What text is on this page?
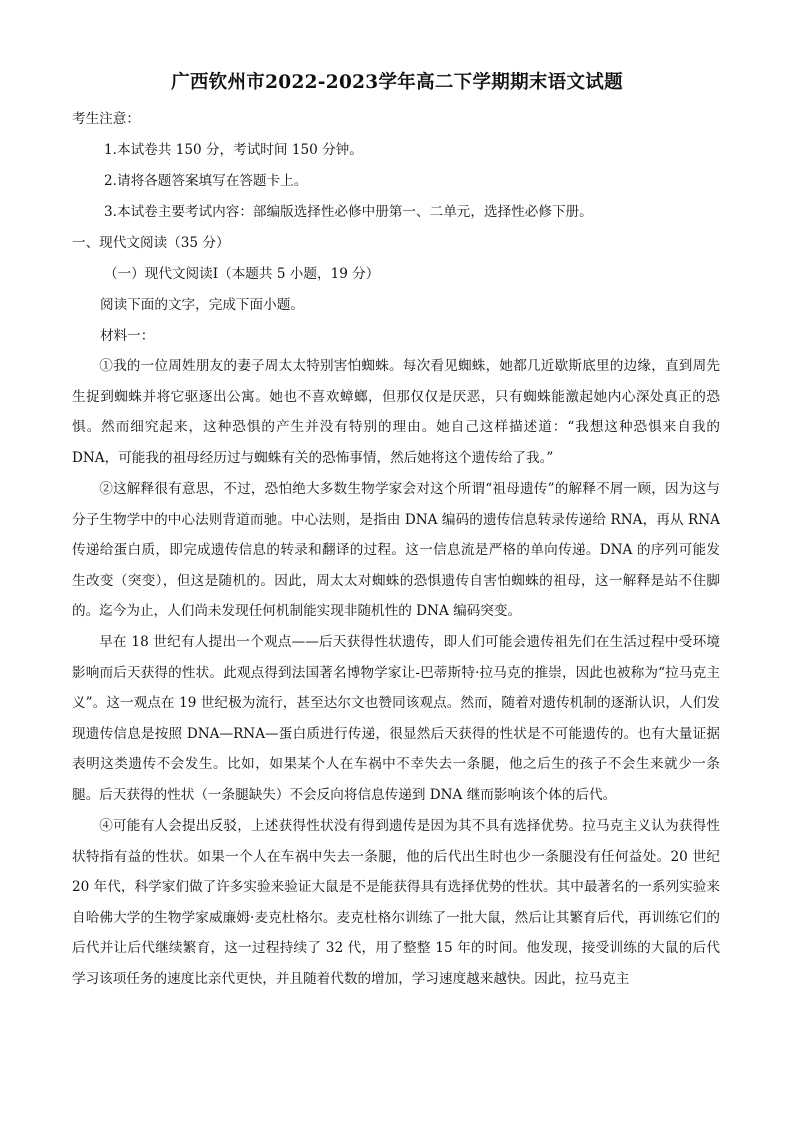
广西钦州市2022-2023学年高二下学期期末语文试题
考生注意：
1.本试卷共 150 分，考试时间 150 分钟。
2.请将各题答案填写在答题卡上。
3.本试卷主要考试内容：部编版选择性必修中册第一、二单元，选择性必修下册。
一、现代文阅读（35 分）
（一）现代文阅读Ⅰ（本题共 5 小题，19 分）
阅读下面的文字，完成下面小题。
材料一：

①我的一位周姓朋友的妻子周太太特别害怕蜘蛛。每次看见蜘蛛，她都几近歇斯底里的边缘，直到周先生捉到蜘蛛并将它驱逐出公寓。她也不喜欢蟑螂，但那仅仅是厌恶，只有蜘蛛能激起她内心深处真正的恐惧。然而细究起来，这种恐惧的产生并没有特别的理由。她自己这样描述道：“我想这种恐惧来自我的 DNA，可能我的祖母经历过与蜘蛛有关的恐怖事情，然后她将这个遗传给了我。”

②这解释很有意思，不过，恐怕绝大多数生物学家会对这个所谓“祖母遗传”的解释不屑一顾，因为这与分子生物学中的中心法则背道而驰。中心法则，是指由 DNA 编码的遗传信息转录传递给 RNA，再从 RNA 传递给蛋白质，即完成遗传信息的转录和翻译的过程。这一信息流是严格的单向传递。DNA 的序列可能发生改变（突变），但这是随机的。因此，周太太对蜘蛛的恐惧遗传自害怕蜘蛛的祖母，这一解释是站不住脚的。迄今为止，人们尚未发现任何机制能实现非随机性的 DNA 编码突变。

早在 18 世纪有人提出一个观点——后天获得性状遗传，即人们可能会遗传祖先们在生活过程中受环境影响而后天获得的性状。此观点得到法国著名博物学家让-巴蒂斯特·拉马克的推崇，因此也被称为“拉马克主义”。这一观点在 19 世纪极为流行，甚至达尔文也赞同该观点。然而，随着对遗传机制的逐渐认识，人们发现遗传信息是按照 DNA—RNA—蛋白质进行传递，很显然后天获得的性状是不可能遗传的。也有大量证据表明这类遗传不会发生。比如，如果某个人在车祸中不幸失去一条腿，他之后生的孩子不会生来就少一条腿。后天获得的性状（一条腿缺失）不会反向将信息传递到 DNA 继而影响该个体的后代。

④可能有人会提出反驳，上述获得性状没有得到遗传是因为其不具有选择优势。拉马克主义认为获得性状特指有益的性状。如果一个人在车祸中失去一条腿，他的后代出生时也少一条腿没有任何益处。20 世纪 20 年代，科学家们做了许多实验来验证大鼠是不是能获得具有选择优势的性状。其中最著名的一系列实验来自哈佛大学的生物学家威廉姆·麦克杜格尔。麦克杜格尔训练了一批大鼠，然后让其繁育后代，再训练它们的后代并让后代继续繁育，这一过程持续了 32 代，用了整整 15 年的时间。他发现，接受训练的大鼠的后代学习该项任务的速度比亲代更快，并且随着代数的增加，学习速度越来越快。因此，拉马克主
